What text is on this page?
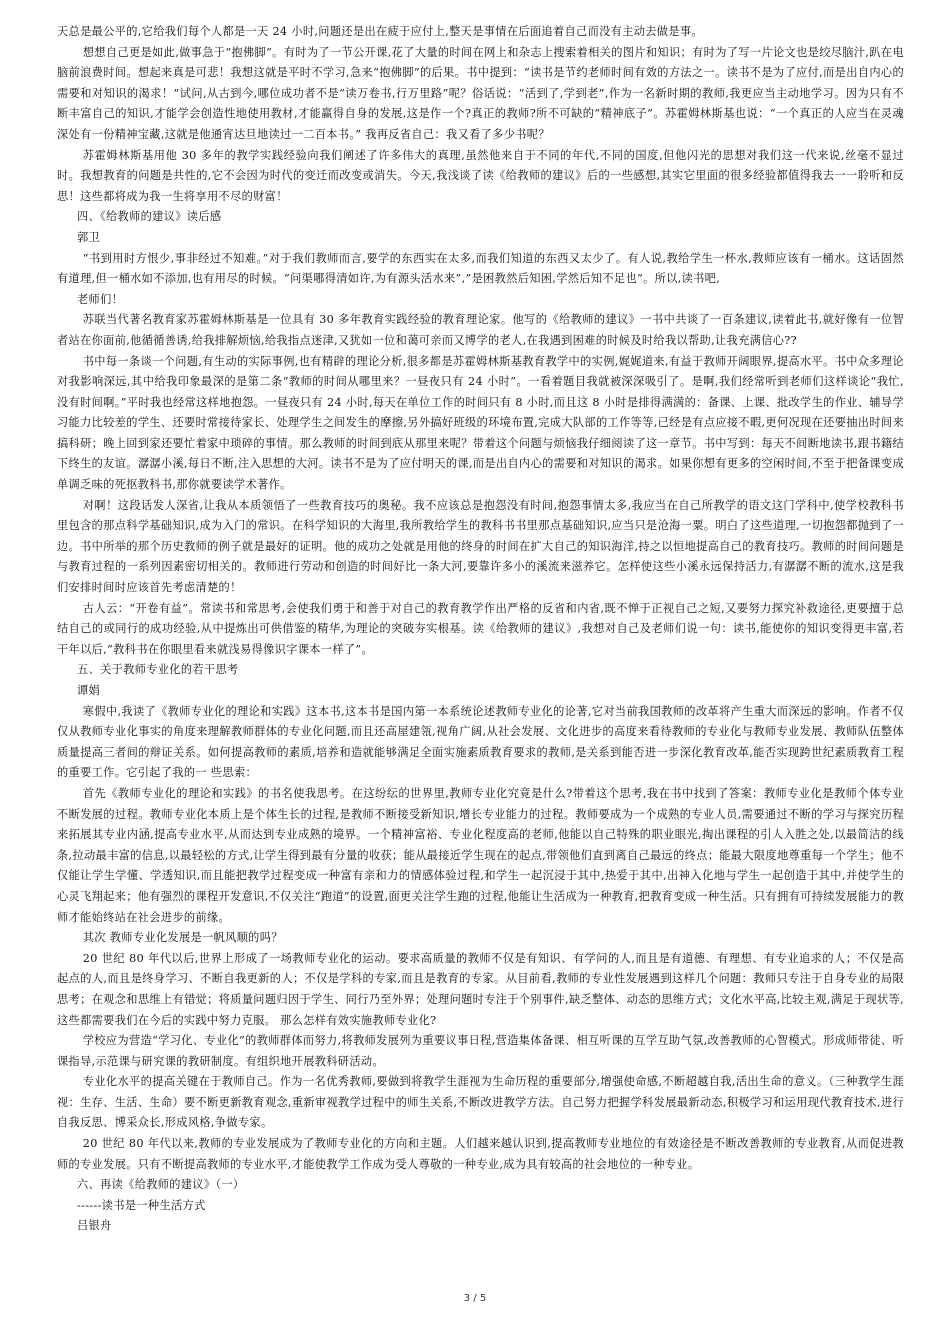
天总是最公平的,它给我们每个人都是一天 24 小时,问题还是出在疲于应付上,整天是事情在后面追着自己而没有主动去做是事。

想想自己更是如此,做事急于“抱佛脚”。有时为了一节公开课,花了大量的时间在网上和杂志上搜索着相关的图片和知识；有时为了写一片论文也是绞尽脑汁,趴在电脑前浪费时间。想起来真是可悲！我想这就是平时不学习,急来“抱佛脚”的后果。书中提到：“读书是节约老师时间有效的方法之一。读书不是为了应付,而是出自内心的需要和对知识的渴求！”试问,从古到今,哪位成功者不是“读万卷书,行万里路”呢？俗话说：“活到了,学到老”,作为一名新时期的教师,我更应当主动地学习。因为只有不断丰富自己的知识,才能学会创造性地使用教材,才能赢得自身的发展,这是作一个?真正的教师?所不可缺的“精神底子”。苏霍姆林斯基也说：“一个真正的人应当在灵魂深处有一份精神宝藏,这就是他通宵达旦地读过一二百本书。” 我再反省自己：我又看了多少书呢？

苏霍姆林斯基用他 30 多年的教学实践经验向我们阐述了许多伟大的真理,虽然他来自于不同的年代,不同的国度,但他闪光的思想对我们这一代来说,丝毫不显过时。我想教育的问题是共性的,它不会因为时代的变迁而改变或消失。今天,我浅谈了读《给教师的建议》后的一些感想,其实它里面的很多经验都值得我去一一聆听和反思！这些都将成为我一生将享用不尽的财富！

四、《给教师的建议》读后感

郭卫

“书到用时方恨少,事非经过不知难。”对于我们教师而言,要学的东西实在太多,而我们知道的东西又太少了。有人说,教给学生一杯水,教师应该有一桶水。这话固然有道理,但一桶水如不添加,也有用尽的时候。“问渠哪得清如许,为有源头活水来”,”是困教然后知困,学然后知不足也”。所以,读书吧,

老师们！

苏联当代著名教育家苏霍姆林斯基是一位具有 30 多年教育实践经验的教育理论家。他写的《给教师的建议》一书中共谈了一百条建议,读着此书,就好像有一位智者站在你面前,他循循善诱,给我排解烦恼,给我指点迷津,又犹如一位和蔼可亲而又博学的老人,在我遇到困难的时候及时给我以帮助,让我充满信心??

书中每一条谈一个问题,有生动的实际事例,也有精辟的理论分析,很多都是苏霍姆林斯基教育教学中的实例,娓娓道来,有益于教师开阔眼界,提高水平。书中众多理论对我影响深远,其中给我印象最深的是第二条“教师的时间从哪里来？一昼夜只有 24 小时”。一看着题目我就被深深吸引了。是啊,我们经常听到老师们这样谈论“我忙,没有时间啊。”平时我也经常这样地抱怨。一昼夜只有 24 小时,每天在单位工作的时间只有 8 小时,而且这 8 小时是排得满满的：备课、上课、批改学生的作业、辅导学习能力比较差的学生、还要时常接待家长、处理学生之间发生的摩擦,另外搞好班级的环境布置,完成大队部的工作等等,已经是有点应接不暇,更何况现在还要抽出时间来搞科研；晚上回到家还要忙着家中琐碎的事情。那么教师的时间到底从那里来呢？带着这个问题与烦恼我仔细阅读了这一章节。书中写到：每天不间断地读书,跟书籍结下终生的友谊。潺潺小溪,每日不断,注入思想的大河。读书不是为了应付明天的课,而是出自内心的需要和对知识的渴求。如果你想有更多的空闲时间,不至于把备课变成单调乏味的死抠教科书,那你就要读学术著作。

对啊！这段话发人深省,让我从本质领悟了一些教育技巧的奥秘。我不应该总是抱怨没有时间,抱怨事情太多,我应当在自己所教学的语文这门学科中,使学校教科书里包含的那点科学基础知识,成为入门的常识。在科学知识的大海里,我所教给学生的教科书书里那点基础知识,应当只是沧海一粟。明白了这些道理,一切抱怨都抛到了一边。书中所举的那个历史教师的例子就是最好的证明。他的成功之处就是用他的终身的时间在扩大自己的知识海洋,持之以恒地提高自己的教育技巧。教师的时间问题是与教育过程的一系列因素密切相关的。教师进行劳动和创造的时间好比一条大河,要靠许多小的溪流来滋养它。怎样使这些小溪永远保持活力,有潺潺不断的流水,这是我们安排时间时应该首先考虑清楚的！

古人云：“开卷有益”。常读书和常思考,会使我们勇于和善于对自己的教育教学作出严格的反省和内省,既不惮于正视自己之短,又要努力探究补救途径,更要擅于总结自己的或同行的成功经验,从中提炼出可供借鉴的精华,为理论的突破夯实根基。读《给教师的建议》,我想对自己及老师们说一句：读书,能使你的知识变得更丰富,若干年以后,“教科书在你眼里看来就浅易得像识字课本一样了”。

五、关于教师专业化的若干思考

谭娟

寒假中,我读了《教师专业化的理论和实践》这本书,这本书是国内第一本系统论述教师专业化的论著,它对当前我国教师的改革将产生重大而深远的影响。作者不仅仅从教师专业化事实的角度来理解教师群体的专业化问题,而且还高屋建瓴,视角广阔,从社会发展、文化进步的高度来看待教师的专业化与教师专业发展、教师队伍整体质量提高三者间的辩证关系。如何提高教师的素质,培养和造就能够满足全面实施素质教育要求的教师,是关系到能否进一步深化教育改革,能否实现跨世纪素质教育工程的重要工作。它引起了我的一 些思索：

首先《教师专业化的理论和实践》的书名使我思考。在这纷纭的世界里,教师专业化究竟是什么?带着这个思考,我在书中找到了答案：教师专业化是教师个体专业不断发展的过程。教师专业化本质上是个体生长的过程,是教师不断接受新知识,增长专业能力的过程。教师要成为一个成熟的专业人员,需要通过不断的学习与探究历程来拓展其专业内涵,提高专业水平,从而达到专业成熟的境界。一个精神富裕、专业化程度高的老师,他能以自己特殊的职业眼光,掏出课程的引人入胜之处,以最简洁的线条,拉动最丰富的信息,以最轻松的方式,让学生得到最有分量的收获；能从最接近学生现在的起点,带领他们直到离自己最远的终点；能最大限度地尊重每一个学生；他不仅能让学生学懂、学透知识,而且能把教学过程变成一种富有亲和力的情感体验过程,和学生一起沉浸于其中,热爱于其中,出神入化地与学生一起创造于其中,并使学生的心灵飞翔起来；他有强烈的课程开发意识,不仅关注“跑道”的设置,面更关注学生跑的过程,他能让生活成为一种教育,把教育变成一种生活。只有拥有可持续发展能力的教师才能始终站在社会进步的前缘。

其次 教师专业化发展是一帆风顺的吗？

20 世纪 80 年代以后,世界上形成了一场教师专业化的运动。要求高质量的教师不仅是有知识、有学问的人,而且是有道德、有理想、有专业追求的人；不仅是高起点的人,而且是终身学习、不断自我更新的人；不仅是学科的专家,而且是教育的专家。从目前看,教师的专业性发展遇到这样几个问题：教师只专注于自身专业的局限思考；在观念和思维上有错觉；将质量问题归因于学生、同行乃至外界；处理问题时专注于个别事件,缺乏整体、动态的思维方式；文化水平高,比较主观,满足于现状等,这些都需要我们在今后的实践中努力克服。 那么怎样有效实施教师专业化?

学校应为营造“学习化、专业化”的教师群体而努力,将教师发展列为重要议事日程,营造集体备课、相互听课的互学互助气氛,改善教师的心智模式。形成师带徒、听课指导,示范课与研究课的教研制度。有组织地开展教科研活动。

专业化水平的提高关键在于教师自己。作为一名优秀教师,要做到将教学生涯视为生命历程的重要部分,增强使命感,不断超越自我,活出生命的意义。（三种教学生涯视：生存、生活、生命）要不断更新教育观念,重新审视教学过程中的师生关系,不断改进教学方法。自己努力把握学科发展最新动态,积极学习和运用现代教育技术,进行自我反思、博采众长,形成风格,争做专家。

20 世纪 80 年代以来,教师的专业发展成为了教师专业化的方向和主题。人们越来越认识到,提高教师专业地位的有效途径是不断改善教师的专业教育,从而促进教师的专业发展。只有不断提高教师的专业水平,才能使教学工作成为受人尊敬的一种专业,成为具有较高的社会地位的一种专业。

六、再读《给教师的建议》（一）

------读书是一种生活方式

吕银舟

3 / 5
